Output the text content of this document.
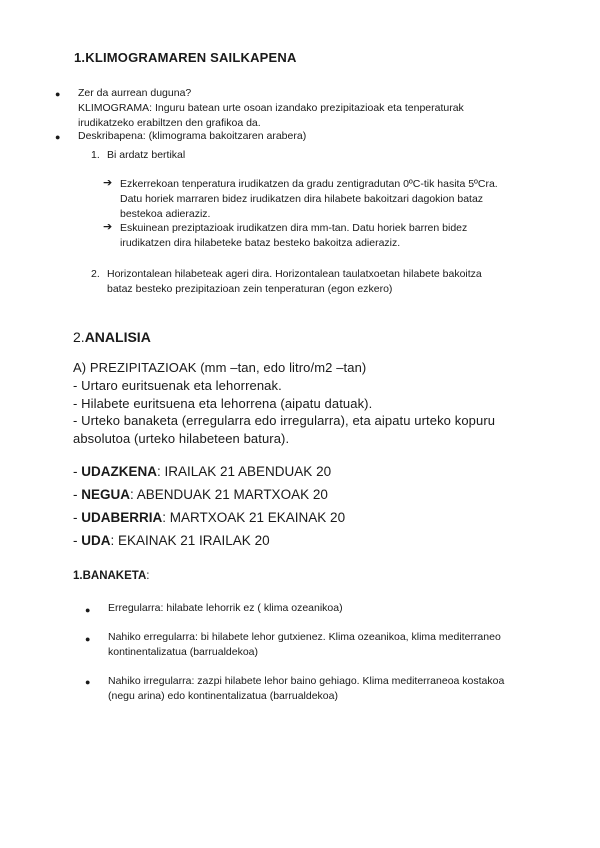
1.KLIMOGRAMAREN SAILKAPENA
● Zer da aurrean duguna?
KLIMOGRAMA: Inguru batean urte osoan izandako prezipitazioak eta tenperaturak
irudikatzeko erabiltzen den grafikoa da.
● Deskribapena: (klimograma bakoitzaren arabera)
1. Bi ardatz bertikal
➔ Ezkerrekoan tenperatura irudikatzen da gradu zentigradutan 0ºC-tik hasita 5ºCra.
Datu horiek marraren bidez irudikatzen dira hilabete bakoitzari dagokion bataz
bestekoa adieraziz.
➔ Eskuinean preziptazioak irudikatzen dira mm-tan. Datu horiek barren bidez
irudikatzen dira hilabeteke bataz besteko bakoitza adieraziz.
2. Horizontalean hilabeteak ageri dira. Horizontalean taulatxoetan hilabete bakoitza
bataz besteko prezipitazioan zein tenperaturan (egon ezkero)
2.ANALISIA
A) PREZIPITAZIOAK (mm –tan, edo litro/m2 –tan)
- Urtaro euritsuenak eta lehorrenak.
- Hilabete euritsuena eta lehorrena (aipatu datuak).
- Urteko banaketa (erregularra edo irregularra), eta aipatu urteko kopuru
absolutoa (urteko hilabeteen batura).
- UDAZKENA: IRAILAK 21 ABENDUAK 20
- NEGUA: ABENDUAK 21 MARTXOAK 20
- UDABERRIA: MARTXOAK 21 EKAINAK 20
- UDA: EKAINAK 21 IRAILAK 20
1.BANAKETA:
● Erregularra: hilabate lehorrik ez ( klima ozeanikoa)
● Nahiko erregularra: bi hilabete lehor gutxienez. Klima ozeanikoa, klima mediterraneo
kontinentalizatua (barrualdekoa)
● Nahiko irregularra: zazpi hilabete lehor baino gehiago. Klima mediterraneoa kostakoa
(negu arina) edo kontinentalizatua (barrualdekoa)
